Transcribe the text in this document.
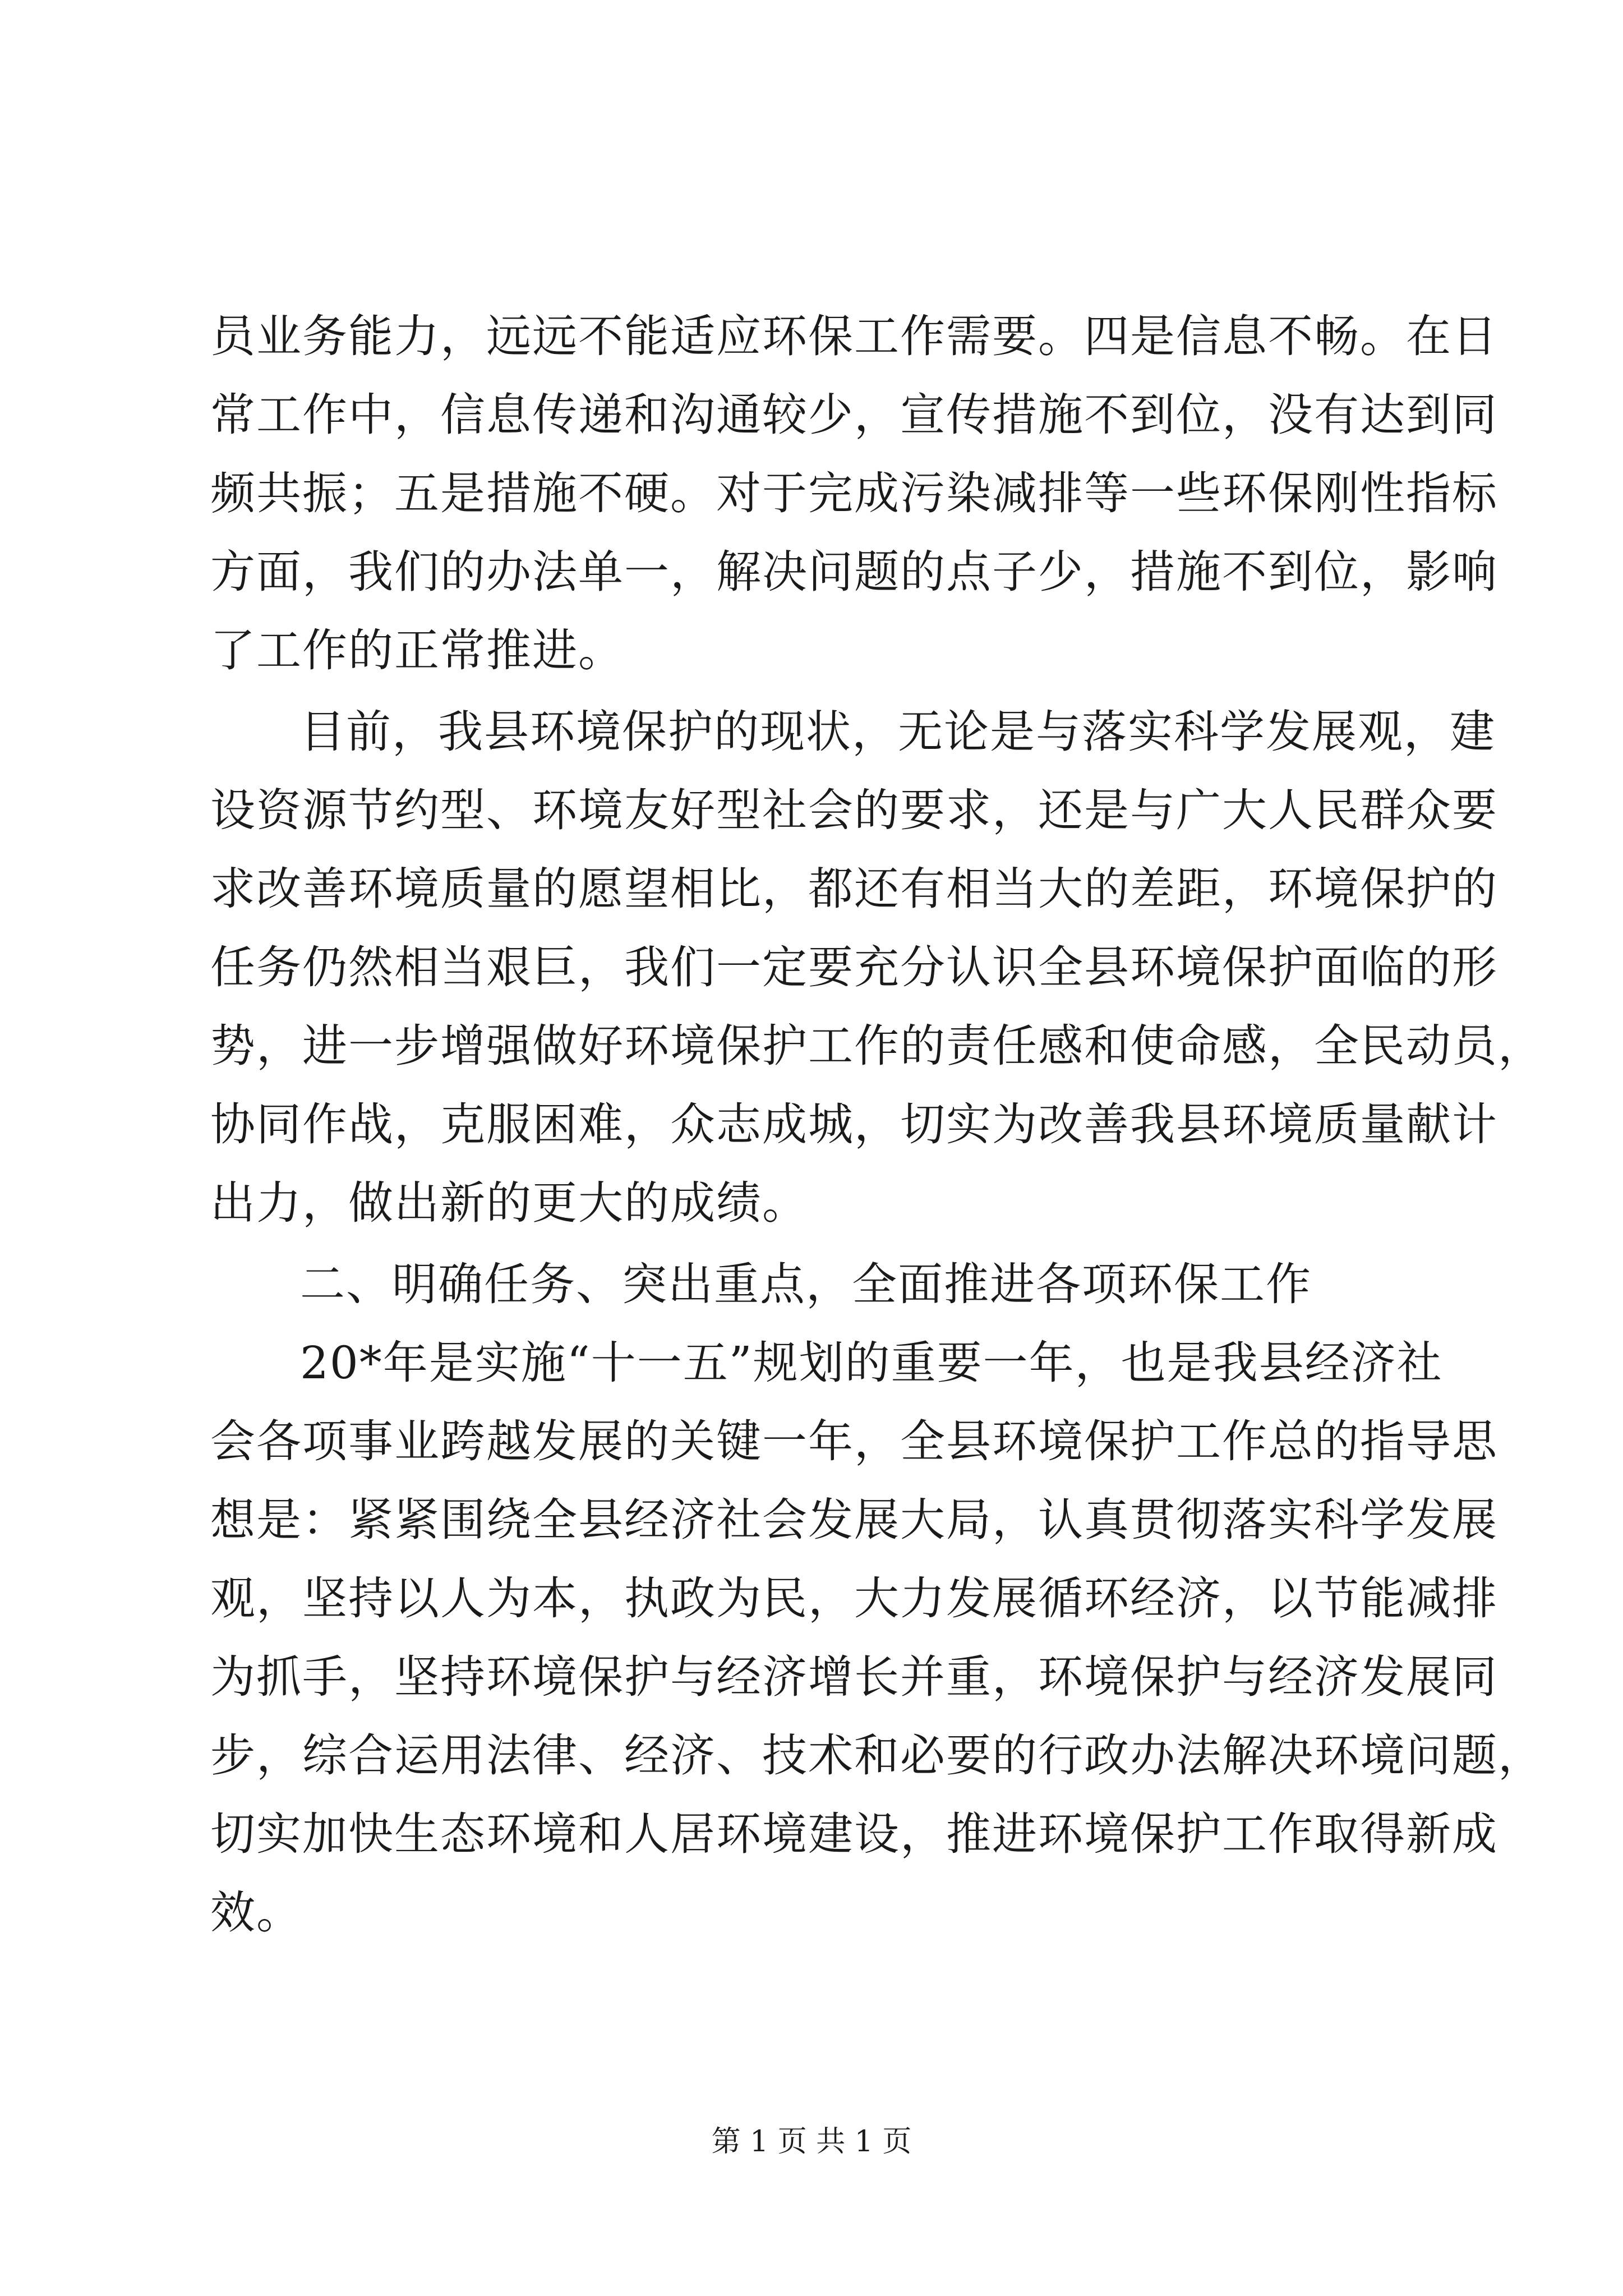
员业务能力，远远不能适应环保工作需要。四是信息不畅。在日
常工作中，信息传递和沟通较少，宣传措施不到位，没有达到同
频共振；五是措施不硬。对于完成污染减排等一些环保刚性指标
方面，我们的办法单一，解决问题的点子少，措施不到位，影响
了工作的正常推进。
目前，我县环境保护的现状，无论是与落实科学发展观，建
设资源节约型、环境友好型社会的要求，还是与广大人民群众要
求改善环境质量的愿望相比，都还有相当大的差距，环境保护的
任务仍然相当艰巨，我们一定要充分认识全县环境保护面临的形
势，进一步增强做好环境保护工作的责任感和使命感，全民动员，
协同作战，克服困难，众志成城，切实为改善我县环境质量献计
出力，做出新的更大的成绩。
二、明确任务、突出重点，全面推进各项环保工作
20*年是实施“十一五”规划的重要一年，也是我县经济社
会各项事业跨越发展的关键一年，全县环境保护工作总的指导思
想是：紧紧围绕全县经济社会发展大局，认真贯彻落实科学发展
观，坚持以人为本，执政为民，大力发展循环经济，以节能减排
为抓手，坚持环境保护与经济增长并重，环境保护与经济发展同
步，综合运用法律、经济、技术和必要的行政办法解决环境问题，
切实加快生态环境和人居环境建设，推进环境保护工作取得新成
效。
第 1 页 共 1 页
